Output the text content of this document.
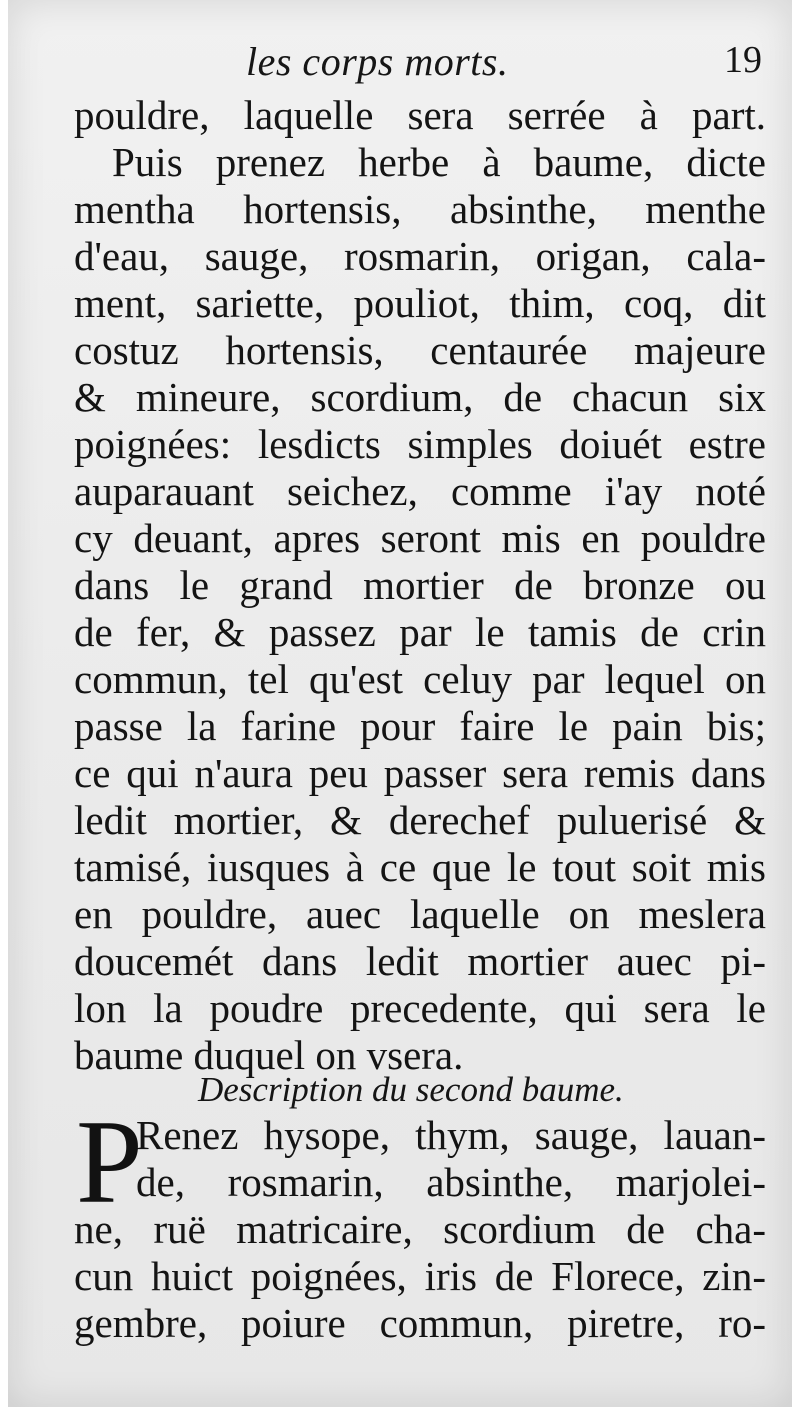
les corps morts.	19
pouldre, laquelle sera serrée à part.
Puis prenez herbe à baume, dicte
mentha hortensis, absinthe, menthe
d'eau, sauge, rosmarin, origan, cala-
ment, sariette, pouliot, thim, coq, dit
costuz hortensis, centaurée majeure
& mineure, scordium, de chacun six
poignées: lesdicts simples doiuét estre
auparauant seichez, comme i'ay noté
cy deuant, apres seront mis en pouldre
dans le grand mortier de bronze ou
de fer, & passez par le tamis de crin
commun, tel qu'est celuy par lequel on
passe la farine pour faire le pain bis;
ce qui n'aura peu passer sera remis dans
ledit mortier, & derechef puluerisé &
tamisé, iusques à ce que le tout soit mis
en pouldre, auec laquelle on meslera
doucemét dans ledit mortier auec pi-
lon la poudre precedente, qui sera le
baume duquel on vsera.
Description du second baume.
P
Renez hysope, thym, sauge, lauan-
de, rosmarin, absinthe, marjolei-
ne, ruë matricaire, scordium de cha-
cun huict poignées, iris de Florece, zin-
gembre, poiure commun, piretre, ro-
